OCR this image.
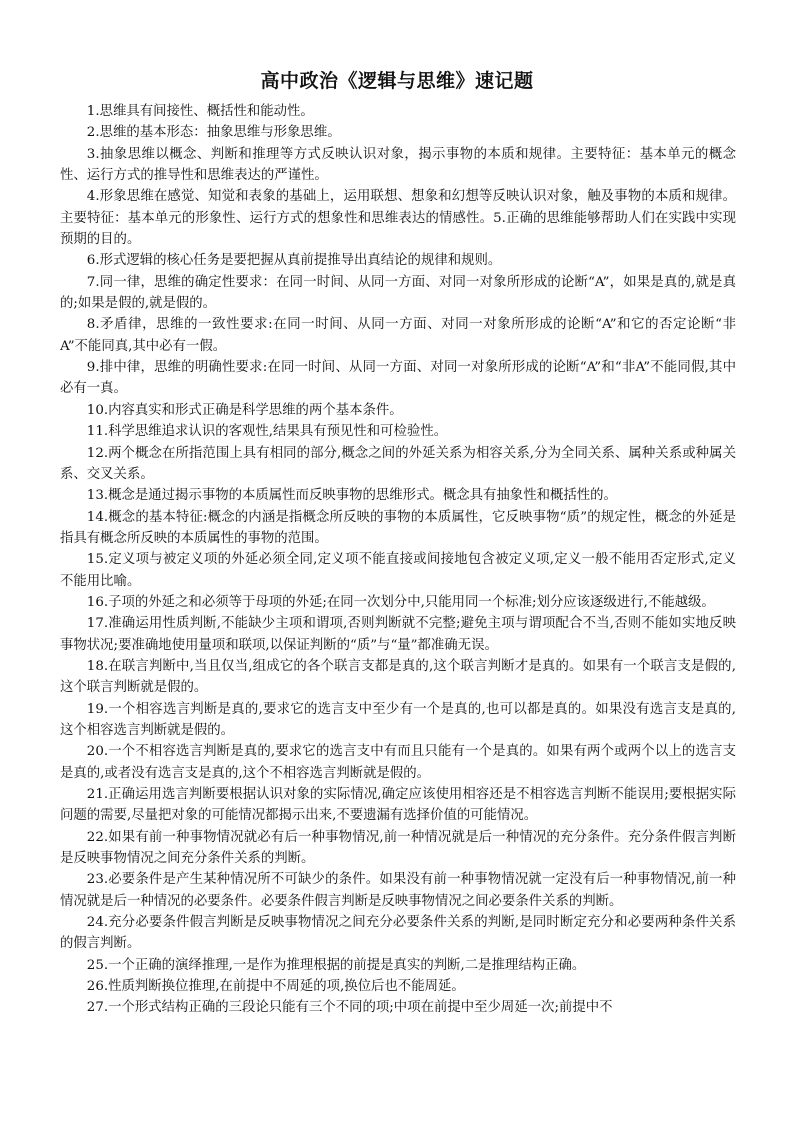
高中政治《逻辑与思维》速记题

1.思维具有间接性、概括性和能动性。

2.思维的基本形态：抽象思维与形象思维。

3.抽象思维以概念、判断和推理等方式反映认识对象，揭示事物的本质和规律。主要特征：基本单元的概念性、运行方式的推导性和思维表达的严谨性。

4.形象思维在感觉、知觉和表象的基础上，运用联想、想象和幻想等反映认识对象，触及事物的本质和规律。主要特征：基本单元的形象性、运行方式的想象性和思维表达的情感性。5.正确的思维能够帮助人们在实践中实现预期的目的。

6.形式逻辑的核心任务是要把握从真前提推导出真结论的规律和规则。

7.同一律，思维的确定性要求：在同一时间、从同一方面、对同一对象所形成的论断“A”，如果是真的,就是真的;如果是假的,就是假的。

8.矛盾律，思维的一致性要求:在同一时间、从同一方面、对同一对象所形成的论断“A”和它的否定论断“非A”不能同真,其中必有一假。

9.排中律，思维的明确性要求:在同一时间、从同一方面、对同一对象所形成的论断“A”和“非A”不能同假,其中必有一真。

10.内容真实和形式正确是科学思维的两个基本条件。

11.科学思维追求认识的客观性,结果具有预见性和可检验性。

12.两个概念在所指范围上具有相同的部分,概念之间的外延关系为相容关系,分为全同关系、属种关系或种属关系、交叉关系。

13.概念是通过揭示事物的本质属性而反映事物的思维形式。概念具有抽象性和概括性的。

14.概念的基本特征:概念的内涵是指概念所反映的事物的本质属性，它反映事物“质”的规定性，概念的外延是指具有概念所反映的本质属性的事物的范围。

15.定义项与被定义项的外延必须全同,定义项不能直接或间接地包含被定义项,定义一般不能用否定形式,定义不能用比喻。

16.子项的外延之和必须等于母项的外延;在同一次划分中,只能用同一个标准;划分应该逐级进行,不能越级。

17.准确运用性质判断,不能缺少主项和谓项,否则判断就不完整;避免主项与谓项配合不当,否则不能如实地反映事物状况;要准确地使用量项和联项,以保证判断的“质”与“量”都准确无误。

18.在联言判断中,当且仅当,组成它的各个联言支都是真的,这个联言判断才是真的。如果有一个联言支是假的,这个联言判断就是假的。

19.一个相容选言判断是真的,要求它的选言支中至少有一个是真的,也可以都是真的。如果没有选言支是真的,这个相容选言判断就是假的。

20.一个不相容选言判断是真的,要求它的选言支中有而且只能有一个是真的。如果有两个或两个以上的选言支是真的,或者没有选言支是真的,这个不相容选言判断就是假的。

21.正确运用选言判断要根据认识对象的实际情况,确定应该使用相容还是不相容选言判断不能误用;要根据实际问题的需要,尽量把对象的可能情况都揭示出来,不要遗漏有选择价值的可能情况。

22.如果有前一种事物情况就必有后一种事物情况,前一种情况就是后一种情况的充分条件。充分条件假言判断是反映事物情况之间充分条件关系的判断。

23.必要条件是产生某种情况所不可缺少的条件。如果没有前一种事物情况就一定没有后一种事物情况,前一种情况就是后一种情况的必要条件。必要条件假言判断是反映事物情况之间必要条件关系的判断。

24.充分必要条件假言判断是反映事物情况之间充分必要条件关系的判断,是同时断定充分和必要两种条件关系的假言判断。

25.一个正确的演绎推理,一是作为推理根据的前提是真实的判断,二是推理结构正确。

26.性质判断换位推理,在前提中不周延的项,换位后也不能周延。

27.一个形式结构正确的三段论只能有三个不同的项;中项在前提中至少周延一次;前提中不
